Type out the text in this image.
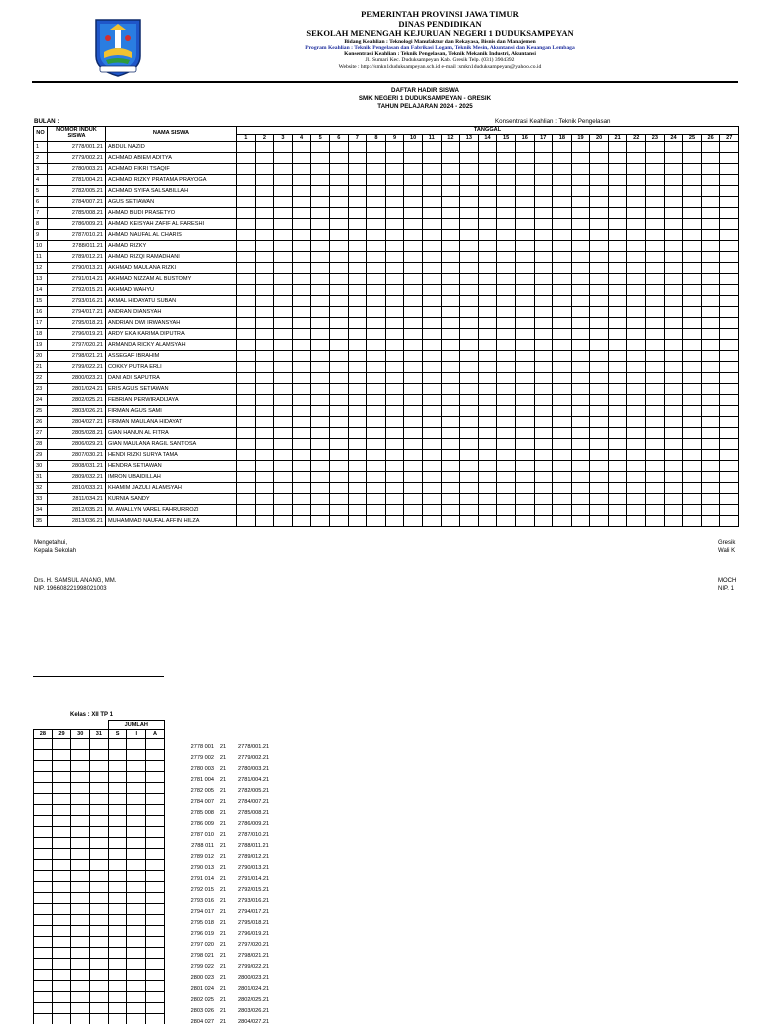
PEMERINTAH PROVINSI JAWA TIMUR
DINAS PENDIDIKAN
SEKOLAH MENENGAH KEJURUAN NEGERI 1 DUDUKSAMPEYAN
Bidang Keahlian : Teknologi Manufaktur dan Rekayasa, Bisnis dan Manajemen
Program Keahlian : Teknik Pengelasan dan Fabrikasi Logam, Teknik Mesin, Akuntansi dan Keuangan Lembaga
Konsentrasi Keahlian : Teknik Pengelasan, Teknik Mekanik Industri, Akuntansi
Jl. Sumari Kec. Duduksampeyan Kab. Gresik Telp. (031) 3904392
Website : http://smkn1duduksampeyan.sch.id e-mail :smkn1duduksampeyan@yahoo.co.id
DAFTAR HADIR SISWA
SMK NEGERI 1 DUDUKSAMPEYAN - GRESIK
TAHUN PELAJARAN 2024 - 2025
BULAN :	Konsentrasi Keahlian : Teknik Pengelasan
NO	NOMOR INDUK SISWA	NAMA SISWA	TANGGAL																										
			1	2	3	4	5	6	7	8	9	10	11	12	13	14	15	16	17	18	19	20	21	22	23	24	25	26	27
1	2778/001.21	ABDUL NAZID																											
2	2779/002.21	ACHMAD ABIEM ADITYA																											
3	2780/003.21	ACHMAD FIKRI TSAQIF																											
4	2781/004.21	ACHMAD RIZKY PRATAMA PRAYOGA																											
5	2782/005.21	ACHMAD SYIFA SALSABILLAH																											
6	2784/007.21	AGUS SETIAWAN																											
7	2785/008.21	AHMAD BUDI PRASETYO																											
8	2786/009.21	AHMAD KEISYAH ZAFIF AL FARESHI																											
9	2787/010.21	AHMAD NAUFAL AL CHARIS																											
10	2788/011.21	AHMAD RIZKY																											
11	2789/012.21	AHMAD RIZQI RAMADHANI																											
12	2790/013.21	AKHMAD MAULANA RIZKI																											
13	2791/014.21	AKHMAD NIZZAM AL BUSTOMY																											
14	2792/015.21	AKHMAD WAHYU																											
15	2793/016.21	AKMAL HIDAYATU SUBAN																											
16	2794/017.21	ANDRAN DIANSYAH																											
17	2795/018.21	ANDRIAN DWI IRWANSYAH																											
18	2796/019.21	ARDY EKA KARIMA DIPUTRA																											
19	2797/020.21	ARMANDA RICKY ALAMSYAH																											
20	2798/021.21	ASSEGAF IBRAHIM																											
21	2799/022.21	COKKY PUTRA ERLI																											
22	2800/023.21	DANI ADI SAPUTRA																											
23	2801/024.21	ERIS AGUS SETIAWAN																											
24	2802/025.21	FEBRIAN PERWIRADIJAYA																											
25	2803/026.21	FIRMAN AGUS SAMI																											
26	2804/027.21	FIRMAN MAULANA HIDAYAT																											
27	2805/028.21	GIAN HANUN AL FITRA																											
28	2806/029.21	GIAN MAULANA RAGIL SANTOSA																											
29	2807/030.21	HENDI RIZKI SURYA TAMA																											
30	2808/031.21	HENDRA SETIAWAN																											
31	2809/032.21	IMRON UBAIDILLAH																											
32	2810/033.21	KHAMIM JAZULI ALAMSYAH																											
33	2811/034.21	KURNIA SANDY																											
34	2812/035.21	M. AWALLYN VAREL FAHRURROZI																											
35	2813/036.21	MUHAMMAD NAUFAL AFFIN HILZA																											
Mengetahui,
Kepala Sekolah
Drs. H. SAMSUL ANANG, MM.
NIP. 196608221998021003
Gresik
Wali K
MOCH
NIP. 1
Kelas : XII TP 1
				JUMLAH		
28	29	30	31	S	I	A

2778 001	21	2778/001.21
2779 002	21	2779/002.21
2780 003	21	2780/003.21
2781 004	21	2781/004.21
2782 005	21	2782/005.21
2784 007	21	2784/007.21
2785 008	21	2785/008.21
2786 009	21	2786/009.21
2787 010	21	2787/010.21
2788 011	21	2788/011.21
2789 012	21	2789/012.21
2790 013	21	2790/013.21
2791 014	21	2791/014.21
2792 015	21	2792/015.21
2793 016	21	2793/016.21
2794 017	21	2794/017.21
2795 018	21	2795/018.21
2796 019	21	2796/019.21
2797 020	21	2797/020.21
2798 021	21	2798/021.21
2799 022	21	2799/022.21
2800 023	21	2800/023.21
2801 024	21	2801/024.21
2802 025	21	2802/025.21
2803 026	21	2803/026.21
2804 027	21	2804/027.21
